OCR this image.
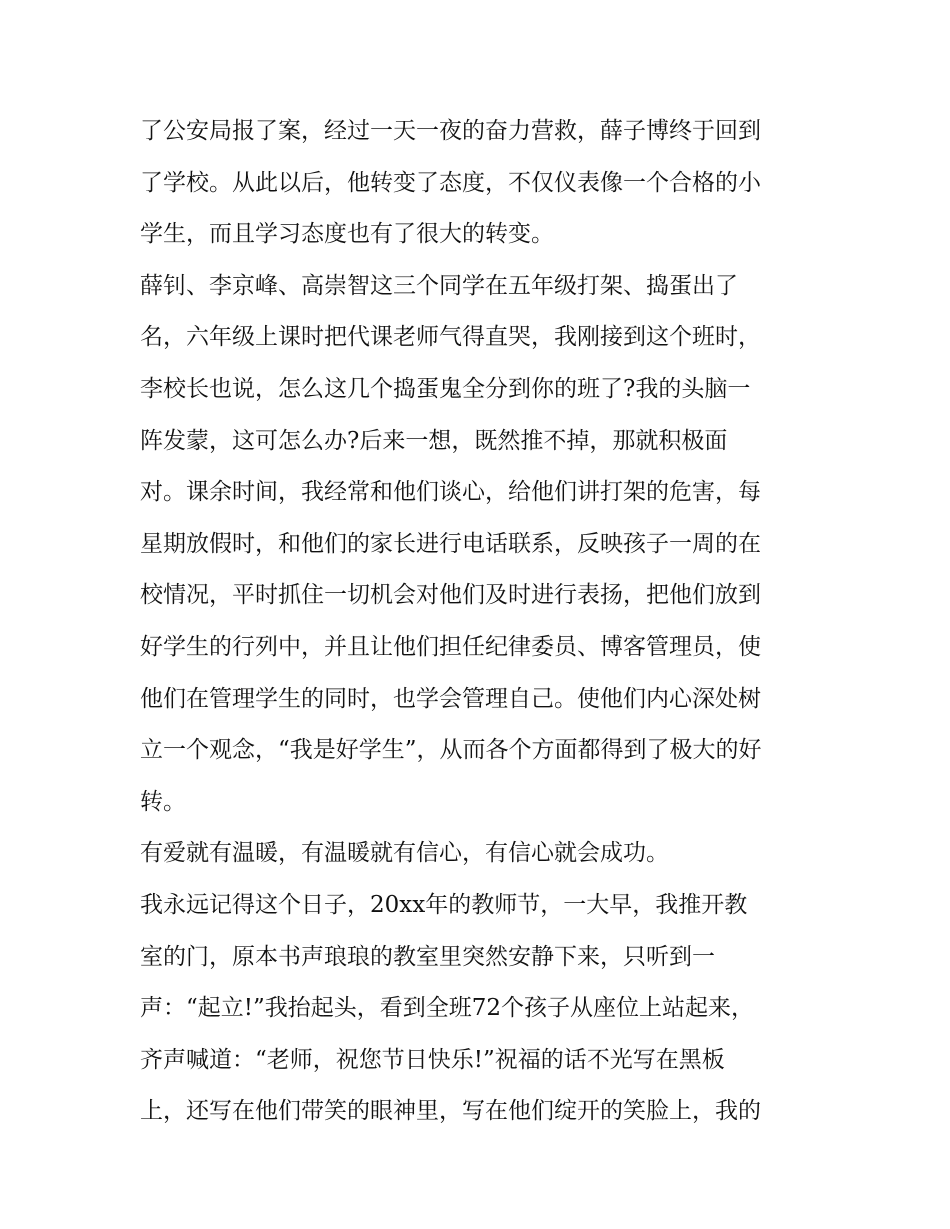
了公安局报了案，经过一天一夜的奋力营救，薛子博终于回到
了学校。从此以后，他转变了态度，不仅仪表像一个合格的小
学生，而且学习态度也有了很大的转变。
薛钊、李京峰、高崇智这三个同学在五年级打架、捣蛋出了
名，六年级上课时把代课老师气得直哭，我刚接到这个班时，
李校长也说，怎么这几个捣蛋鬼全分到你的班了?我的头脑一
阵发蒙，这可怎么办?后来一想，既然推不掉，那就积极面
对。课余时间，我经常和他们谈心，给他们讲打架的危害，每
星期放假时，和他们的家长进行电话联系，反映孩子一周的在
校情况，平时抓住一切机会对他们及时进行表扬，把他们放到
好学生的行列中，并且让他们担任纪律委员、博客管理员，使
他们在管理学生的同时，也学会管理自己。使他们内心深处树
立一个观念，“我是好学生”，从而各个方面都得到了极大的好
转。
有爱就有温暖，有温暖就有信心，有信心就会成功。
我永远记得这个日子，20xx年的教师节，一大早，我推开教
室的门，原本书声琅琅的教室里突然安静下来，只听到一
声：“起立!”我抬起头，看到全班72个孩子从座位上站起来，
齐声喊道：“老师，祝您节日快乐!”祝福的话不光写在黑板
上，还写在他们带笑的眼神里，写在他们绽开的笑脸上，我的
